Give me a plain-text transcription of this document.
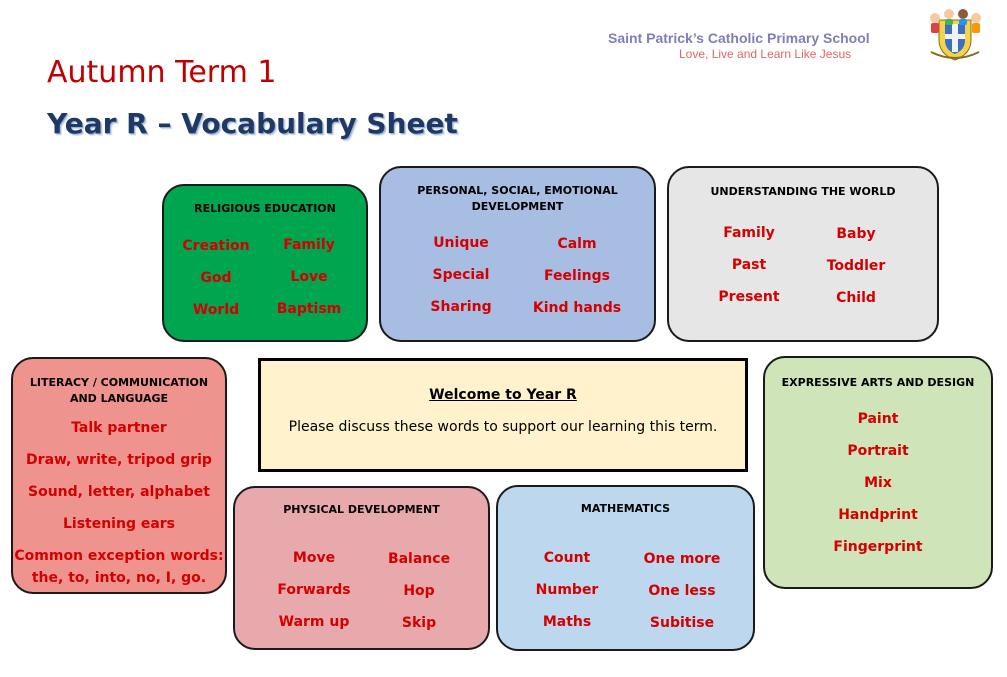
Autumn Term 1
Year R – Vocabulary Sheet
Saint Patrick’s Catholic Primary School
Love, Live and Learn Like Jesus
RELIGIOUS EDUCATION
Creation Family
God	Love
World	Baptism
PERSONAL, SOCIAL, EMOTIONAL
DEVELOPMENT
Unique	Calm
Special	Feelings
Sharing	Kind hands
UNDERSTANDING THE WORLD
Family	Baby
Past	Toddler
Present	Child
LITERACY / COMMUNICATION
AND LANGUAGE
Talk partner
Draw, write, tripod grip
Sound, letter, alphabet
Listening ears
Common exception words:
the, to, into, no, I, go.
Welcome to Year R
Please discuss these words to support our learning this term.
EXPRESSIVE ARTS AND DESIGN
Paint
Portrait
Mix
Handprint
Fingerprint
PHYSICAL DEVELOPMENT
Move	Balance
Forwards	Hop
Warm up	Skip
MATHEMATICS
Count	One more
Number	One less
Maths	Subitise
